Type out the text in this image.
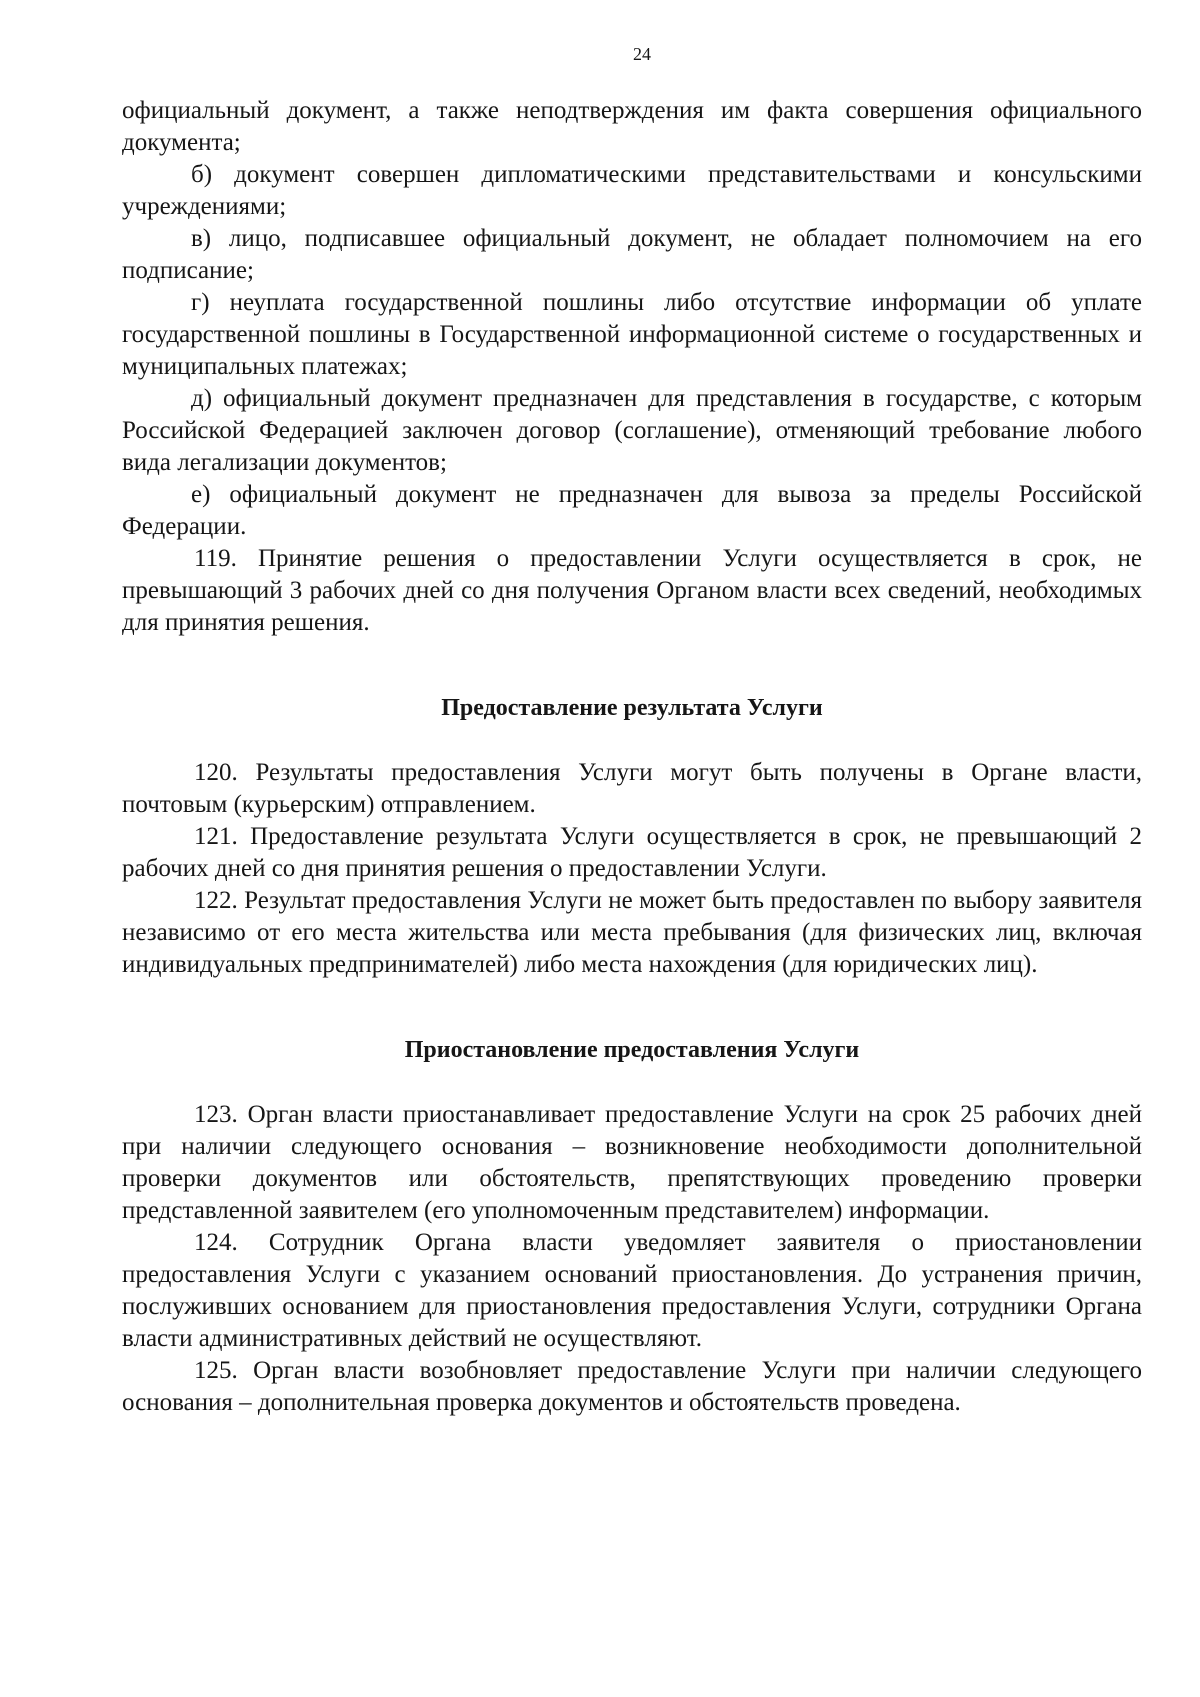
24

официальный документ, а также неподтверждения им факта совершения официального документа;

б) документ совершен дипломатическими представительствами и консульскими учреждениями;

в) лицо, подписавшее официальный документ, не обладает полномочием на его подписание;

г) неуплата государственной пошлины либо отсутствие информации об уплате государственной пошлины в Государственной информационной системе о государственных и муниципальных платежах;

д) официальный документ предназначен для представления в государстве, с которым Российской Федерацией заключен договор (соглашение), отменяющий требование любого вида легализации документов;

е) официальный документ не предназначен для вывоза за пределы Российской Федерации.

119. Принятие решения о предоставлении Услуги осуществляется в срок, не превышающий 3 рабочих дней со дня получения Органом власти всех сведений, необходимых для принятия решения.

Предоставление результата Услуги

120. Результаты предоставления Услуги могут быть получены в Органе власти, почтовым (курьерским) отправлением.

121. Предоставление результата Услуги осуществляется в срок, не превышающий 2 рабочих дней со дня принятия решения о предоставлении Услуги.

122. Результат предоставления Услуги не может быть предоставлен по выбору заявителя независимо от его места жительства или места пребывания (для физических лиц, включая индивидуальных предпринимателей) либо места нахождения (для юридических лиц).

Приостановление предоставления Услуги

123. Орган власти приостанавливает предоставление Услуги на срок 25 рабочих дней при наличии следующего основания – возникновение необходимости дополнительной проверки документов или обстоятельств, препятствующих проведению проверки представленной заявителем (его уполномоченным представителем) информации.

124. Сотрудник Органа власти уведомляет заявителя о приостановлении предоставления Услуги с указанием оснований приостановления. До устранения причин, послуживших основанием для приостановления предоставления Услуги, сотрудники Органа власти административных действий не осуществляют.

125. Орган власти возобновляет предоставление Услуги при наличии следующего основания – дополнительная проверка документов и обстоятельств проведена.
